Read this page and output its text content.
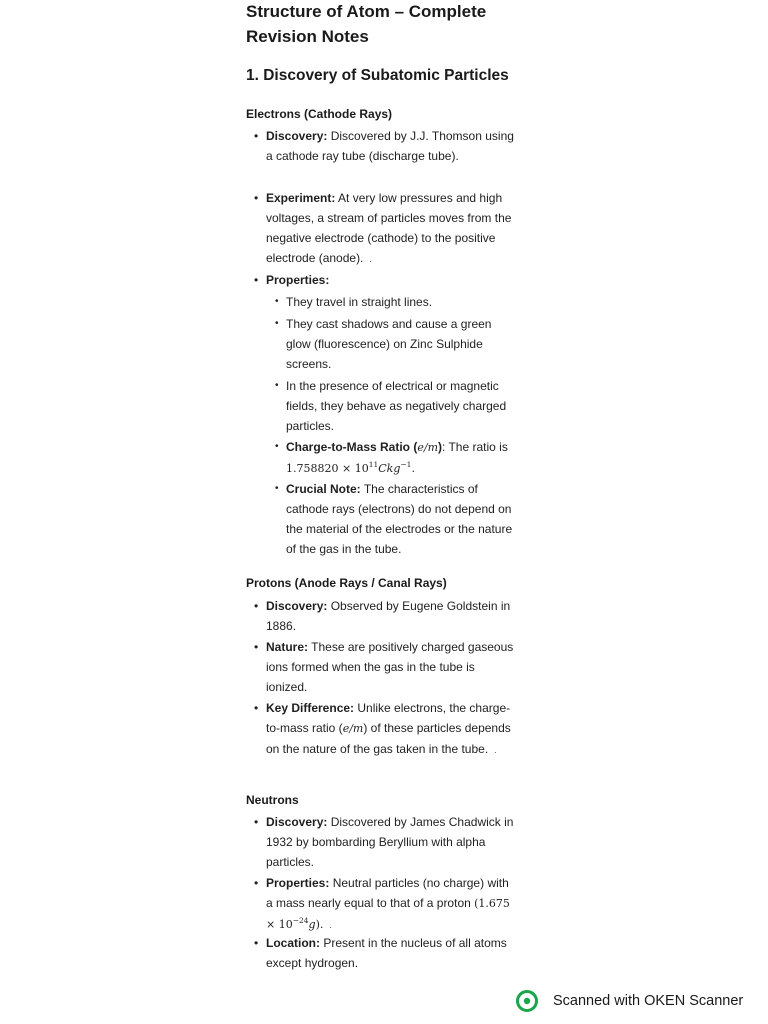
Structure of Atom – Complete Revision Notes
1. Discovery of Subatomic Particles
Electrons (Cathode Rays)
• Discovery: Discovered by J.J. Thomson using a cathode ray tube (discharge tube).
• Experiment: At very low pressures and high voltages, a stream of particles moves from the negative electrode (cathode) to the positive electrode (anode). .
• Properties:
• They travel in straight lines.
• They cast shadows and cause a green glow (fluorescence) on Zinc Sulphide screens.
• In the presence of electrical or magnetic fields, they behave as negatively charged particles.
• Charge-to-Mass Ratio (e/m): The ratio is $1.758820 \times 10^{11}Ckg^{-1}$.
• Crucial Note: The characteristics of cathode rays (electrons) do not depend on the material of the electrodes or the nature of the gas in the tube.
Protons (Anode Rays / Canal Rays)
• Discovery: Observed by Eugene Goldstein in 1886.
• Nature: These are positively charged gaseous ions formed when the gas in the tube is ionized.
• Key Difference: Unlike electrons, the charge-to-mass ratio (e/m) of these particles depends on the nature of the gas taken in the tube. .
Neutrons
• Discovery: Discovered by James Chadwick in 1932 by bombarding Beryllium with alpha particles.
• Properties: Neutral particles (no charge) with a mass nearly equal to that of a proton $(1.675 \times 10^{-24}g)$. .
• Location: Present in the nucleus of all atoms except hydrogen.
Scanned with OKEN Scanner
